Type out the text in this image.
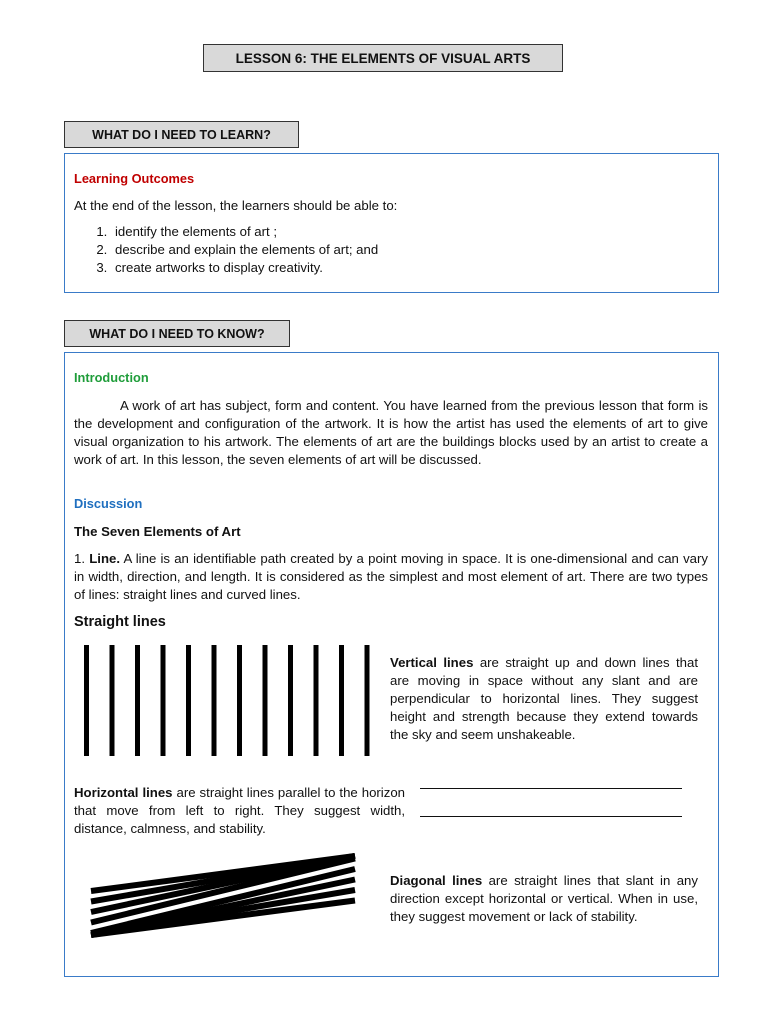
LESSON 6: THE ELEMENTS OF VISUAL ARTS
WHAT DO I NEED TO LEARN?
Learning Outcomes
At the end of the lesson, the learners should be able to:
1. identify the elements of art ;
2. describe and explain the elements of art; and
3. create artworks to display creativity.
WHAT DO I NEED TO KNOW?
Introduction
A work of art has subject, form and content. You have learned from the previous lesson that form is the development and configuration of the artwork. It is how the artist has used the elements of art to give visual organization to his artwork. The elements of art are the buildings blocks used by an artist to create a work of art. In this lesson, the seven elements of art will be discussed.
Discussion
The Seven Elements of Art
1. Line. A line is an identifiable path created by a point moving in space. It is one-dimensional and can vary in width, direction, and length. It is considered as the simplest and most element of art. There are two types of lines: straight lines and curved lines.
Straight lines
Vertical lines are straight up and down lines that are moving in space without any slant and are perpendicular to horizontal lines. They suggest height and strength because they extend towards the sky and seem unshakeable.
Horizontal lines are straight lines parallel to the horizon that move from left to right. They suggest width, distance, calmness, and stability.
Diagonal lines are straight lines that slant in any direction except horizontal or vertical. When in use, they suggest movement or lack of stability.
